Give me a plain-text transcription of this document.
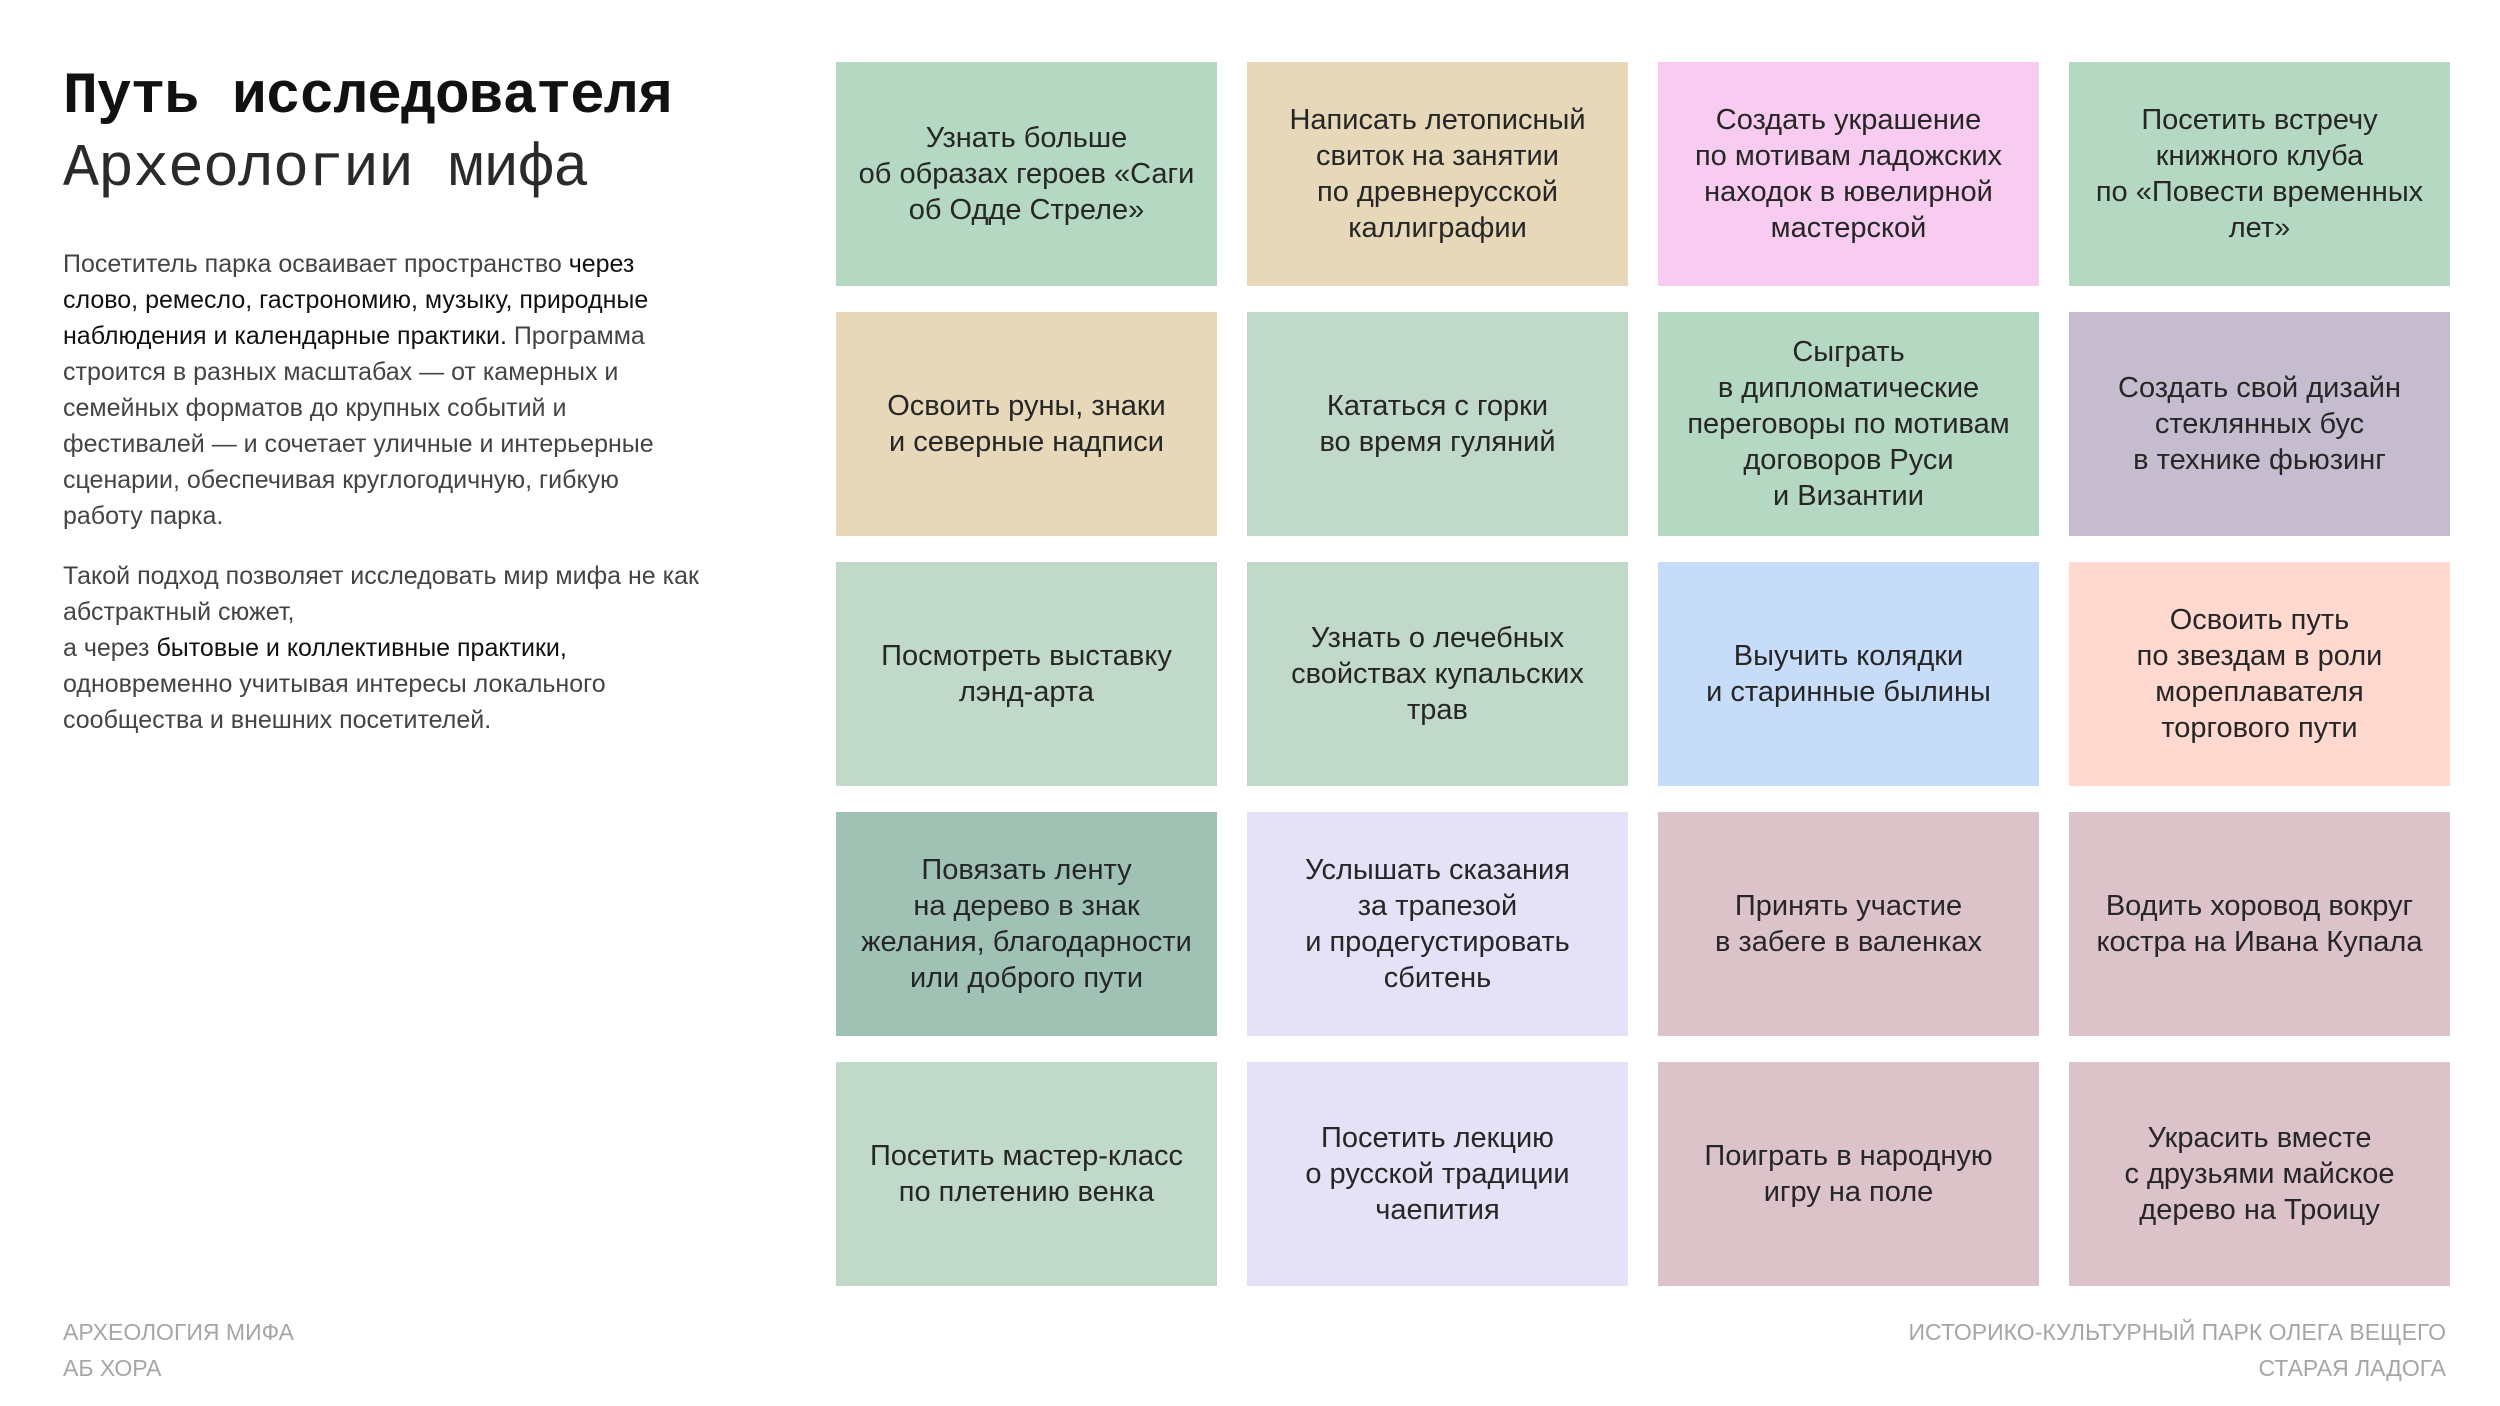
Путь исследователя
Археологии мифа

Посетитель парка осваивает пространство через слово, ремесло, гастрономию, музыку, природные наблюдения и календарные практики. Программа строится в разных масштабах — от камерных и семейных форматов до крупных событий и фестивалей — и сочетает уличные и интерьерные сценарии, обеспечивая круглогодичную, гибкую работу парка.

Такой подход позволяет исследовать мир мифа не как абстрактный сюжет,
а через бытовые и коллективные практики, одновременно учитывая интересы локального сообщества и внешних посетителей.

Узнать больше
об образах героев «Саги
об Одде Стреле»
Написать летописный
свиток на занятии
по древнерусской
каллиграфии
Создать украшение
по мотивам ладожских
находок в ювелирной
мастерской
Посетить встречу
книжного клуба
по «Повести временных
лет»
Освоить руны, знаки
и северные надписи
Кататься с горки
во время гуляний
Сыграть
в дипломатические
переговоры по мотивам
договоров Руси
и Византии
Создать свой дизайн
стеклянных бус
в технике фьюзинг
Посмотреть выставку
лэнд-арта
Узнать о лечебных
свойствах купальских
трав
Выучить колядки
и старинные былины
Освоить путь
по звездам в роли
мореплавателя
торгового пути
Повязать ленту
на дерево в знак
желания, благодарности
или доброго пути
Услышать сказания
за трапезой
и продегустировать
сбитень
Принять участие
в забеге в валенках
Водить хоровод вокруг
костра на Ивана Купала
Посетить мастер-класс
по плетению венка
Посетить лекцию
о русской традиции
чаепития
Поиграть в народную
игру на поле
Украсить вместе
с друзьями майское
дерево на Троицу
АРХЕОЛОГИЯ МИФА
АБ ХОРА
ИСТОРИКО-КУЛЬТУРНЫЙ ПАРК ОЛЕГА ВЕЩЕГО
СТАРАЯ ЛАДОГА
